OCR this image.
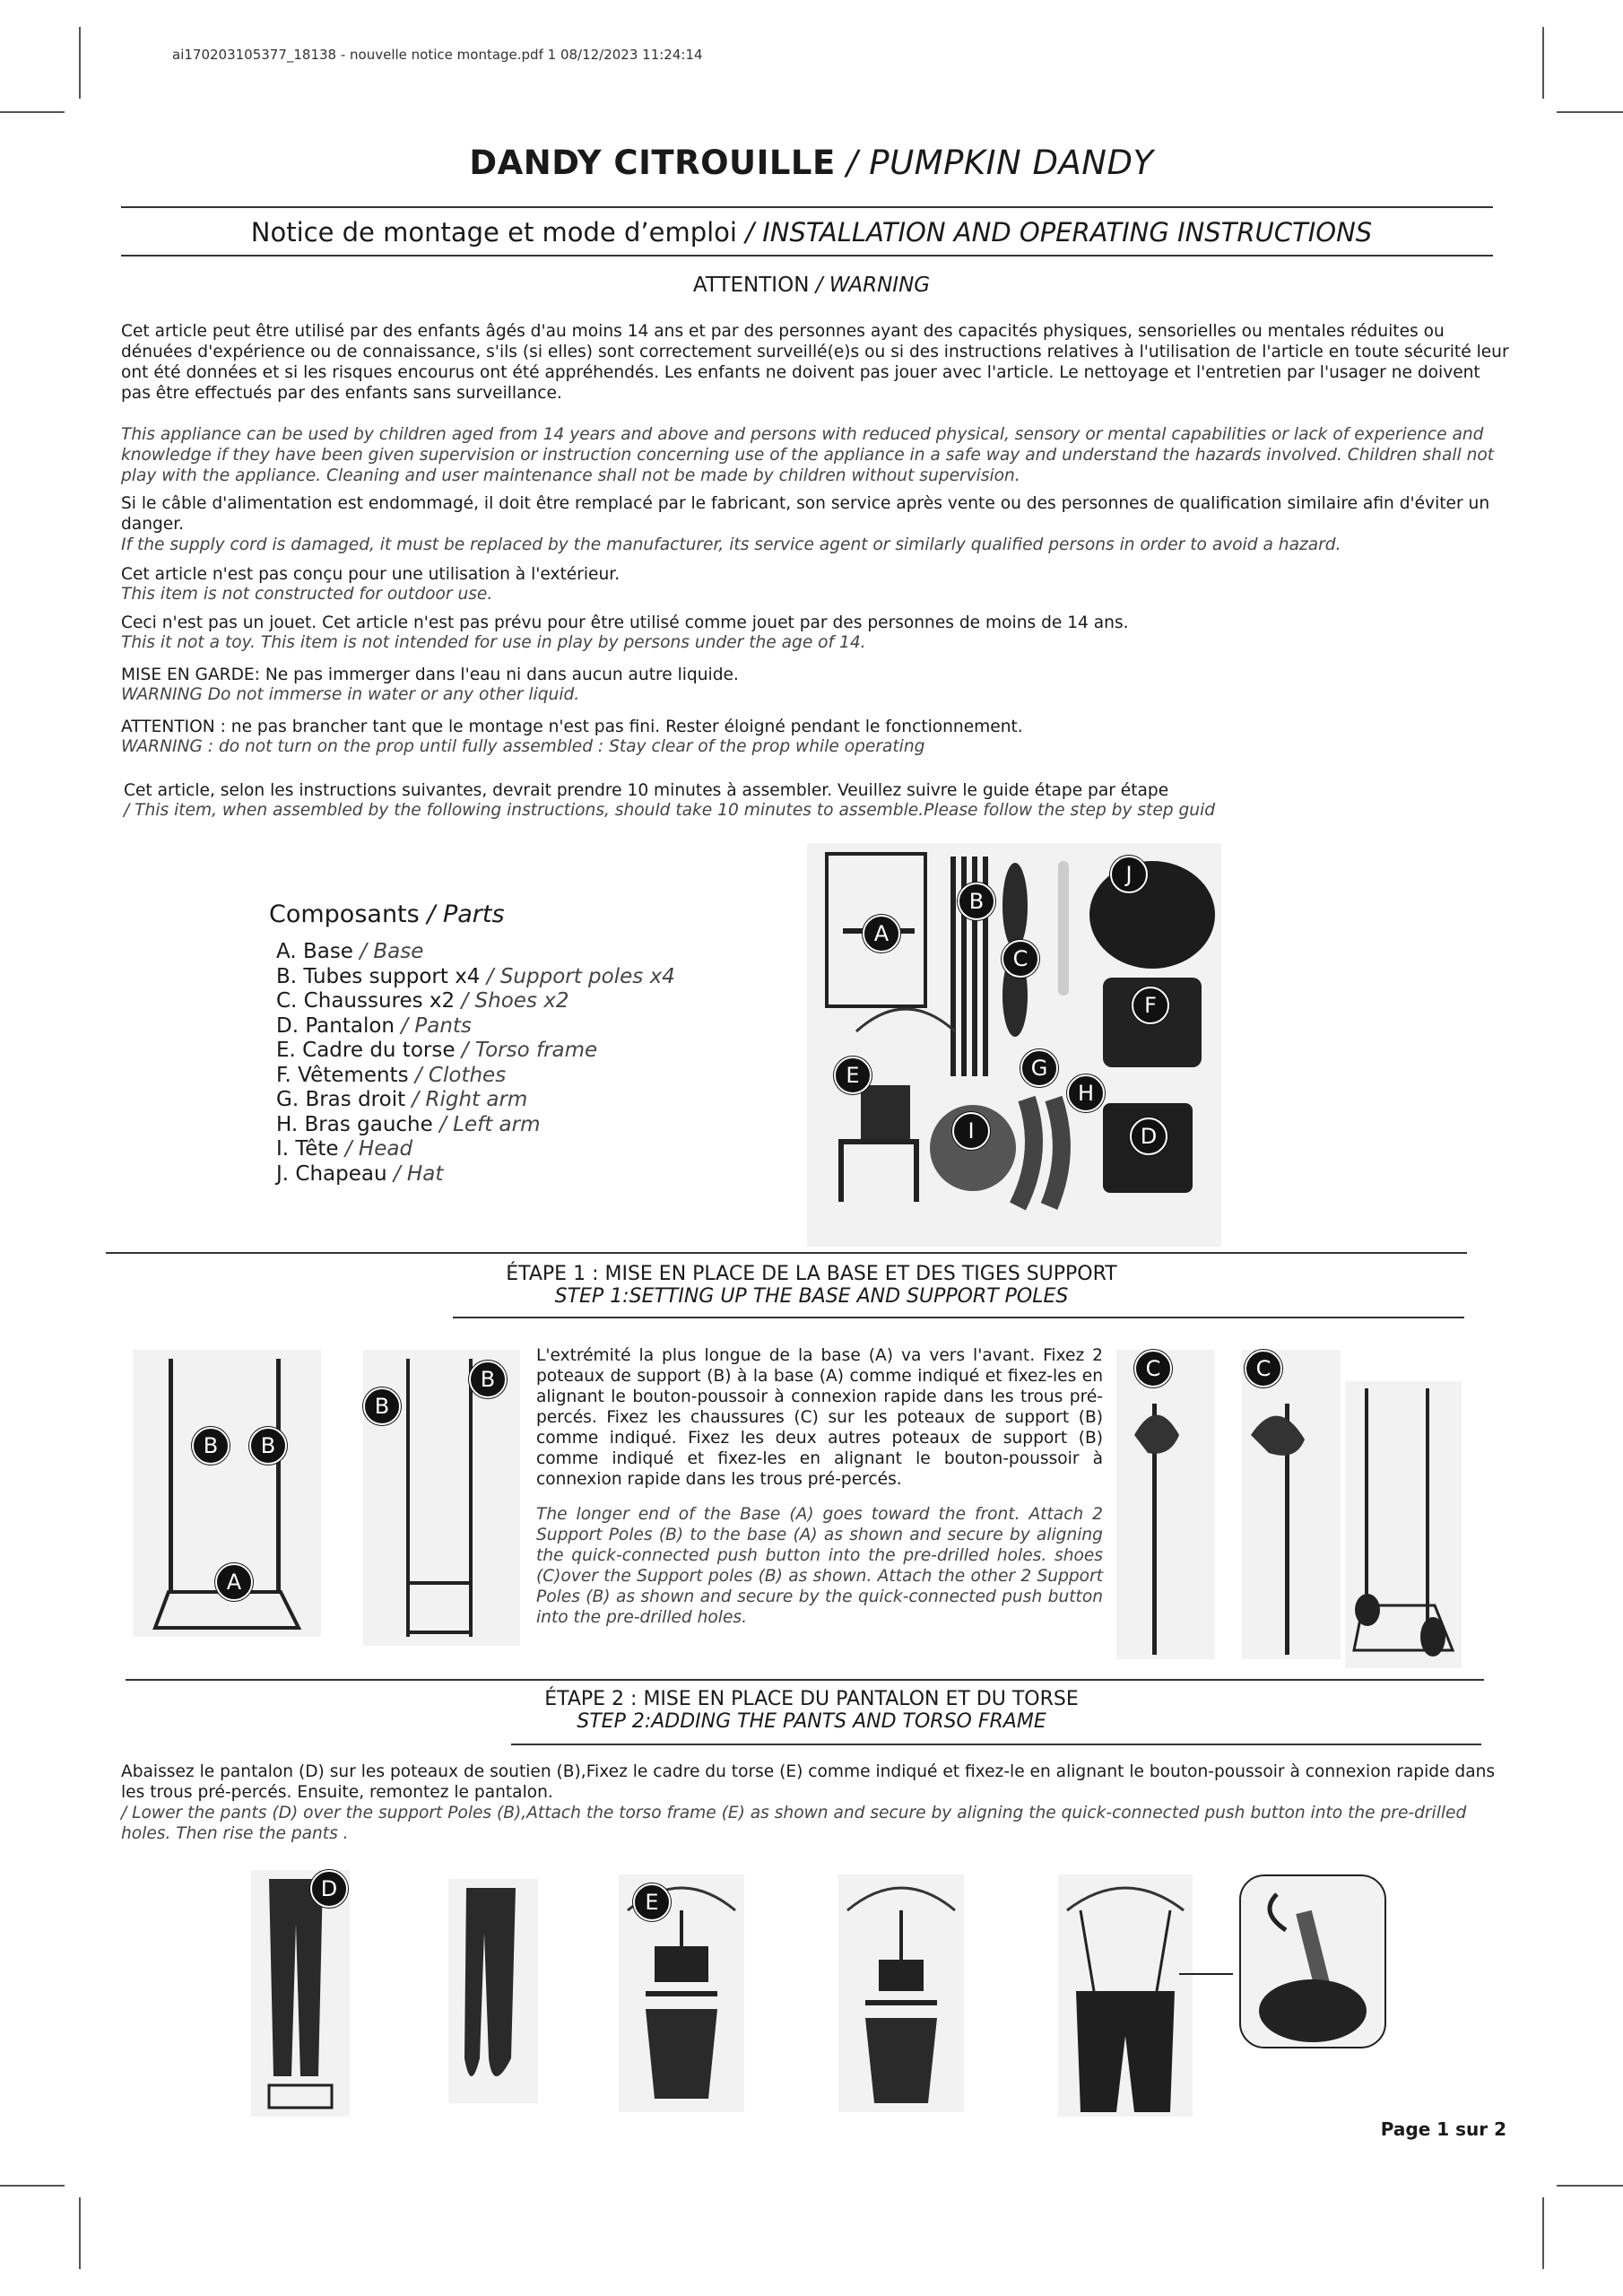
ai170203105377_18138 - nouvelle notice montage.pdf 1 08/12/2023 11:24:14
DANDY CITROUILLE / PUMPKIN DANDY
Notice de montage et mode d’emploi / INSTALLATION AND OPERATING INSTRUCTIONS
ATTENTION / WARNING
Cet article peut être utilisé par des enfants âgés d'au moins 14 ans et par des personnes ayant des capacités physiques, sensorielles ou mentales réduites ou dénuées d'expérience ou de connaissance, s'ils (si elles) sont correctement surveillé(e)s ou si des instructions relatives à l'utilisation de l'article en toute sécurité leur ont été données et si les risques encourus ont été appréhendés. Les enfants ne doivent pas jouer avec l'article. Le nettoyage et l'entretien par l'usager ne doivent pas être effectués par des enfants sans surveillance.
This appliance can be used by children aged from 14 years and above and persons with reduced physical, sensory or mental capabilities or lack of experience and knowledge if they have been given supervision or instruction concerning use of the appliance in a safe way and understand the hazards involved. Children shall not play with the appliance. Cleaning and user maintenance shall not be made by children without supervision.
Si le câble d'alimentation est endommagé, il doit être remplacé par le fabricant, son service après vente ou des personnes de qualification similaire afin d'éviter un danger.
If the supply cord is damaged, it must be replaced by the manufacturer, its service agent or similarly qualified persons in order to avoid a hazard.
Cet article n'est pas conçu pour une utilisation à l'extérieur.
This item is not constructed for outdoor use.
Ceci n'est pas un jouet. Cet article n'est pas prévu pour être utilisé comme jouet par des personnes de moins de 14 ans.
This it not a toy. This item is not intended for use in play by persons under the age of 14.
MISE EN GARDE: Ne pas immerger dans l'eau ni dans aucun autre liquide.
WARNING Do not immerse in water or any other liquid.
ATTENTION : ne pas brancher tant que le montage n'est pas fini. Rester éloigné pendant le fonctionnement.
WARNING : do not turn on the prop until fully assembled : Stay clear of the prop while operating
Cet article, selon les instructions suivantes, devrait prendre 10 minutes à assembler. Veuillez suivre le guide étape par étape
/ This item, when assembled by the following instructions, should take 10 minutes to assemble.Please follow the step by step guid
Composants / Parts
A. Base / Base
B. Tubes support x4 / Support poles x4
C. Chaussures x2 / Shoes x2
D. Pantalon / Pants
E. Cadre du torse / Torso frame
F. Vêtements / Clothes
G. Bras droit / Right arm
H. Bras gauche / Left arm
I. Tête / Head
J. Chapeau / Hat
A
B
C
E
F
G
H
I
J
D
ÉTAPE 1 : MISE EN PLACE DE LA BASE ET DES TIGES SUPPORT
STEP 1:SETTING UP THE BASE AND SUPPORT POLES
B	B
A
B
B
L'extrémité la plus longue de la base (A) va vers l'avant. Fixez 2 poteaux de support (B) à la base (A) comme indiqué et fixez-les en alignant le bouton-poussoir à connexion rapide dans les trous pré-percés. Fixez les chaussures (C) sur les poteaux de support (B) comme indiqué. Fixez les deux autres poteaux de support (B) comme indiqué et fixez-les en alignant le bouton-poussoir à connexion rapide dans les trous pré-percés.
The longer end of the Base (A) goes toward the front. Attach 2 Support Poles (B) to the base (A) as shown and secure by aligning the quick-connected push button into the pre-drilled holes. shoes (C)over the Support poles (B) as shown. Attach the other 2 Support Poles (B) as shown and secure by the quick-connected push button into the pre-drilled holes.
C	C
ÉTAPE 2 : MISE EN PLACE DU PANTALON ET DU TORSE
STEP 2:ADDING THE PANTS AND TORSO FRAME
Abaissez le pantalon (D) sur les poteaux de soutien (B),Fixez le cadre du torse (E) comme indiqué et fixez-le en alignant le bouton-poussoir à connexion rapide dans les trous pré-percés. Ensuite, remontez le pantalon.
/ Lower the pants (D) over the support Poles (B),Attach the torso frame (E) as shown and secure by aligning the quick-connected push button into the pre-drilled holes. Then rise the pants .
D
E
Page 1 sur 2
